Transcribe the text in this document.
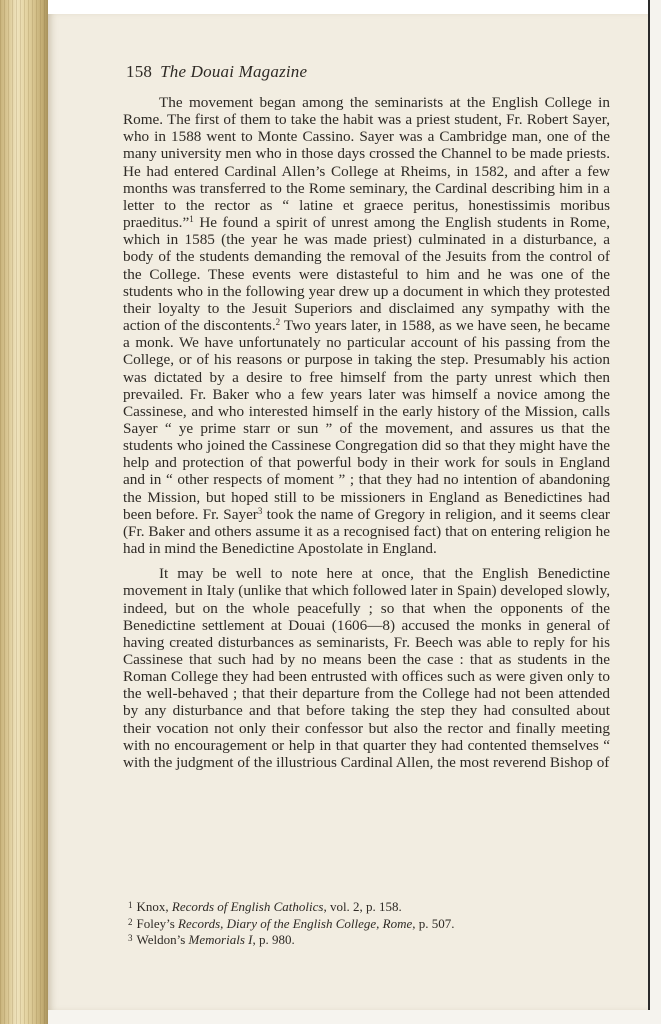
158 The Douai Magazine

The movement began among the seminarists at the English College in Rome. The first of them to take the habit was a priest student, Fr. Robert Sayer, who in 1588 went to Monte Cassino. Sayer was a Cambridge man, one of the many university men who in those days crossed the Channel to be made priests. He had entered Cardinal Allen’s College at Rheims, in 1582, and after a few months was transferred to the Rome seminary, the Cardinal describing him in a letter to the rector as “ latine et graece peritus, honestissimis moribus praeditus.”$^1$ He found a spirit of unrest among the English students in Rome, which in 1585 (the year he was made priest) culminated in a disturbance, a body of the students demanding the removal of the Jesuits from the control of the College. These events were distasteful to him and he was one of the students who in the following year drew up a document in which they protested their loyalty to the Jesuit Superiors and disclaimed any sympathy with the action of the discontents.$^2$ Two years later, in 1588, as we have seen, he became a monk. We have unfortunately no particular account of his passing from the College, or of his reasons or purpose in taking the step. Presumably his action was dictated by a desire to free himself from the party unrest which then prevailed. Fr. Baker who a few years later was himself a novice among the Cassinese, and who interested himself in the early history of the Mission, calls Sayer “ ye prime starr or sun ” of the movement, and assures us that the students who joined the Cassinese Congregation did so that they might have the help and protection of that powerful body in their work for souls in England and in “ other respects of moment ” ; that they had no intention of abandoning the Mission, but hoped still to be missioners in England as Benedictines had been before. Fr. Sayer$^3$ took the name of Gregory in religion, and it seems clear (Fr. Baker and others assume it as a recognised fact) that on entering religion he had in mind the Benedictine Apostolate in England.

It may be well to note here at once, that the English Benedictine movement in Italy (unlike that which followed later in Spain) developed slowly, indeed, but on the whole peacefully ; so that when the opponents of the Benedictine settlement at Douai (1606—8) accused the monks in general of having created disturbances as seminarists, Fr. Beech was able to reply for his Cassinese that such had by no means been the case : that as students in the Roman College they had been entrusted with offices such as were given only to the well-behaved ; that their departure from the College had not been attended by any disturbance and that before taking the step they had consulted about their vocation not only their confessor but also the rector and finally meeting with no encouragement or help in that quarter they had contented themselves “ with the judgment of the illustrious Cardinal Allen, the most reverend Bishop of

$^1$ Knox, Records of English Catholics, vol. 2, p. 158.
$^2$ Foley’s Records, Diary of the English College, Rome, p. 507.
$^3$ Weldon’s Memorials I, p. 980.
